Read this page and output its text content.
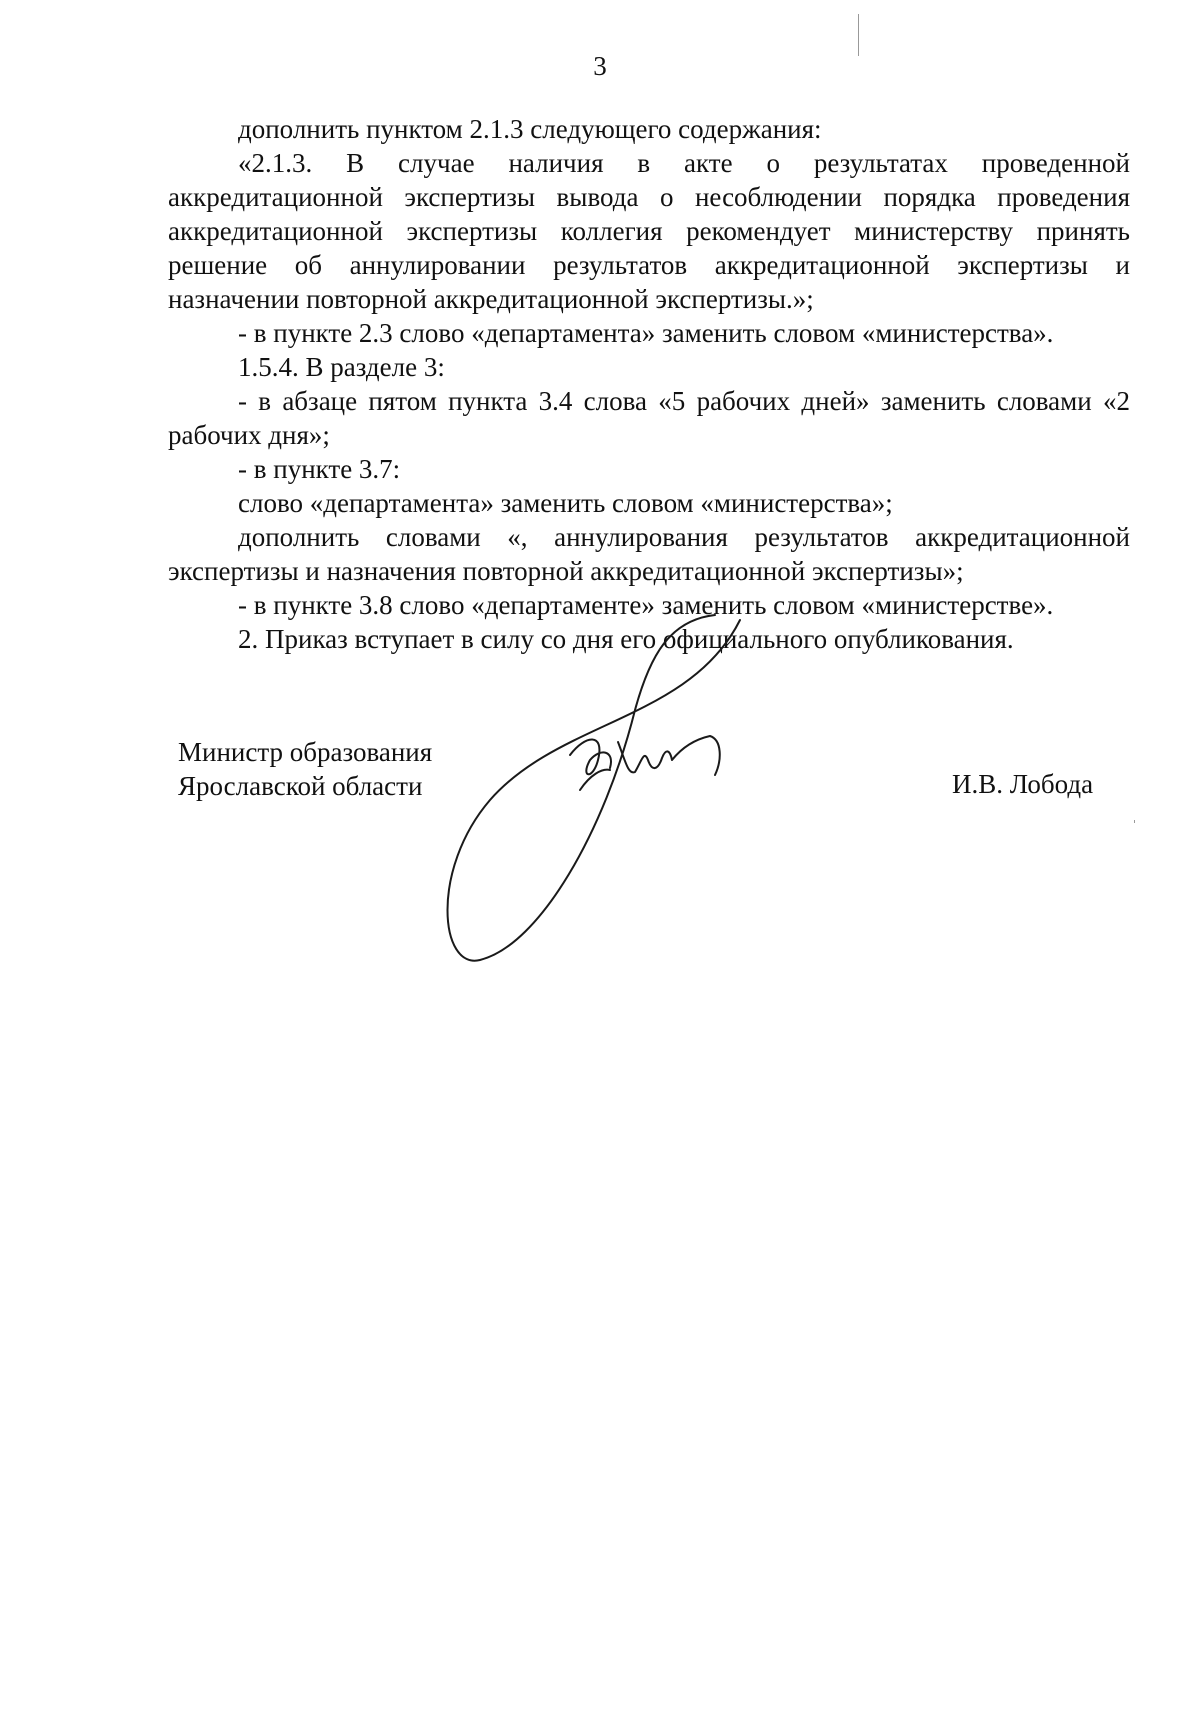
3

дополнить пунктом 2.1.3 следующего содержания:

«2.1.3. В случае наличия в акте о результатах проведенной аккредитационной экспертизы вывода о несоблюдении порядка проведения аккредитационной экспертизы коллегия рекомендует министерству принять решение об аннулировании результатов аккредитационной экспертизы и назначении повторной аккредитационной экспертизы.»;

- в пункте 2.3 слово «департамента» заменить словом «министерства».

1.5.4. В разделе 3:

- в абзаце пятом пункта 3.4 слова «5 рабочих дней» заменить словами «2 рабочих дня»;

- в пункте 3.7:

слово «департамента» заменить словом «министерства»;

дополнить словами «, аннулирования результатов аккредитационной экспертизы и назначения повторной аккредитационной экспертизы»;

- в пункте 3.8 слово «департаменте» заменить словом «министерстве».

2. Приказ вступает в силу со дня его официального опубликования.

Министр образования
Ярославской области	И.В. Лобода
